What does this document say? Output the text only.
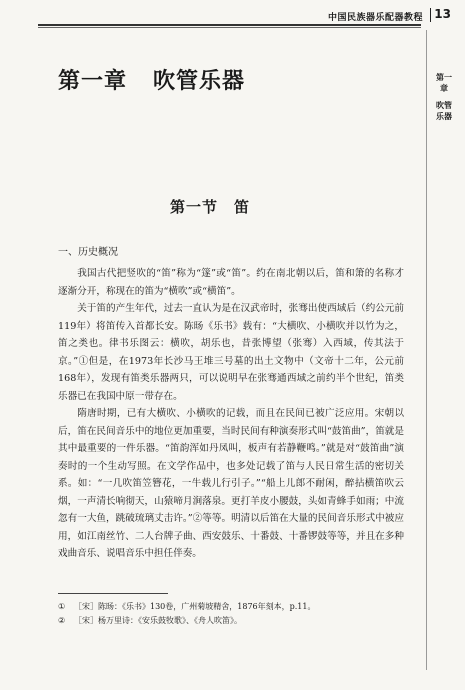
中国民族器乐配器教程 13
第一章
吹管乐器
第一章 吹管乐器
第一节　笛
一、历史概况

我国古代把竖吹的“笛”称为“篴”或“笛”。约在南北朝以后，笛和箫的名称才逐渐分开，称现在的笛为“横吹”或“横笛”。

关于笛的产生年代，过去一直认为是在汉武帝时，张骞出使西域后（约公元前119年）将笛传入首都长安。陈旸《乐书》载有：“大横吹、小横吹并以竹为之，笛之类也。律书乐图云：横吹，胡乐也，昔张博望（张骞）入西域，传其法于京。”①但是，在1973年长沙马王堆三号墓的出土文物中（文帝十二年，公元前168年），发现有笛类乐器两只，可以说明早在张骞通西域之前约半个世纪，笛类乐器已在我国中原一带存在。

隋唐时期，已有大横吹、小横吹的记载，而且在民间已被广泛应用。宋朝以后，笛在民间音乐中的地位更加重要，当时民间有种演奏形式叫“鼓笛曲”，笛就是其中最重要的一件乐器。“笛韵浑如丹凤叫，板声有若静鞭鸣。”就是对“鼓笛曲”演奏时的一个生动写照。在文学作品中，也多处记载了笛与人民日常生活的密切关系。如：“一几吹笛笠簪花，一牛载儿行引子。”“船上儿郎不耐闲，醉拈横笛吹云烟，一声清长响彻天，山猿啼月涧落泉。更打羊皮小腰鼓，头如青蜂手如雨；中流忽有一大鱼，跳破琉璃丈击许。”②等等。明清以后笛在大量的民间音乐形式中被应用，如江南丝竹、二人台牌子曲、西安鼓乐、十番鼓、十番锣鼓等等，并且在多种戏曲音乐、说唱音乐中担任伴奏。

① ［宋］陈旸：《乐书》130卷，广州菊坡精舍，1876年刻本，p.11。
② ［宋］杨万里诗：《安乐鼓牧歌》、《舟人吹笛》。
